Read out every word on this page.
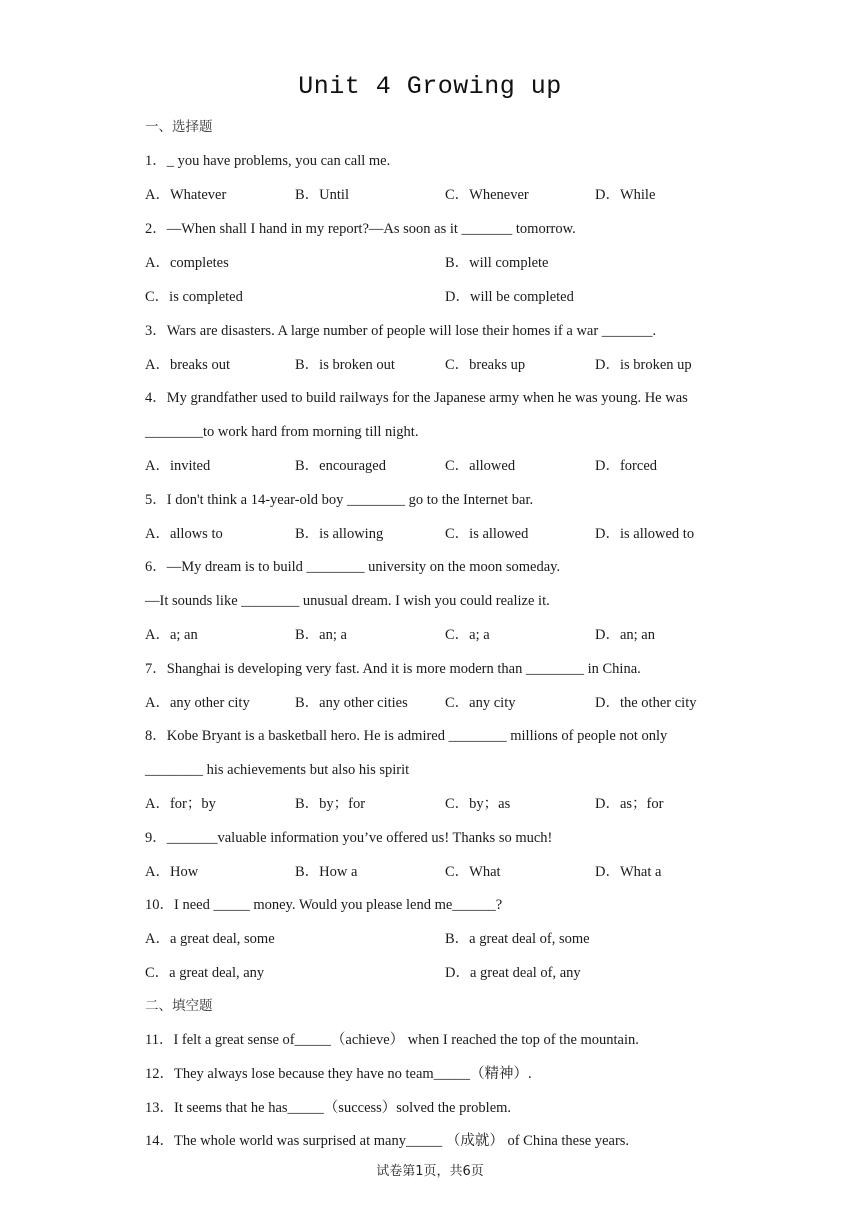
Unit 4 Growing up
一、选择题
1．_ you have problems, you can call me.
A．Whatever	B．Until	C．Whenever	D．While
2．—When shall I hand in my report?—As soon as it _______ tomorrow.
A．completes	B．will complete
C．is completed	D．will be completed
3．Wars are disasters. A large number of people will lose their homes if a war _______.
A．breaks out	B．is broken out	C．breaks up	D．is broken up
4．My grandfather used to build railways for the Japanese army when he was young. He was
________to work hard from morning till night.
A．invited	B．encouraged	C．allowed	D．forced
5．I don't think a 14-year-old boy ________ go to the Internet bar.
A．allows to	B．is allowing	C．is allowed	D．is allowed to
6．—My dream is to build ________ university on the moon someday.
—It sounds like ________ unusual dream. I wish you could realize it.
A．a; an	B．an; a	C．a; a	D．an; an
7．Shanghai is developing very fast. And it is more modern than ________ in China.
A．any other city	B．any other cities	C．any city	D．the other city
8．Kobe Bryant is a basketball hero. He is admired ________ millions of people not only
________ his achievements but also his spirit
A．for；by	B．by；for	C．by；as	D．as；for
9．_______valuable information you’ve offered us! Thanks so much!
A．How	B．How a	C．What	D．What a
10．I need _____ money. Would you please lend me______?
A．a great deal, some	B．a great deal of, some
C．a great deal, any	D．a great deal of, any
二、填空题
11．I felt a great sense of_____（achieve） when I reached the top of the mountain.
12．They always lose because they have no team_____（精神）.
13．It seems that he has_____（success）solved the problem.
14．The whole world was surprised at many_____ （成就） of China these years.
试卷第1页，共6页
